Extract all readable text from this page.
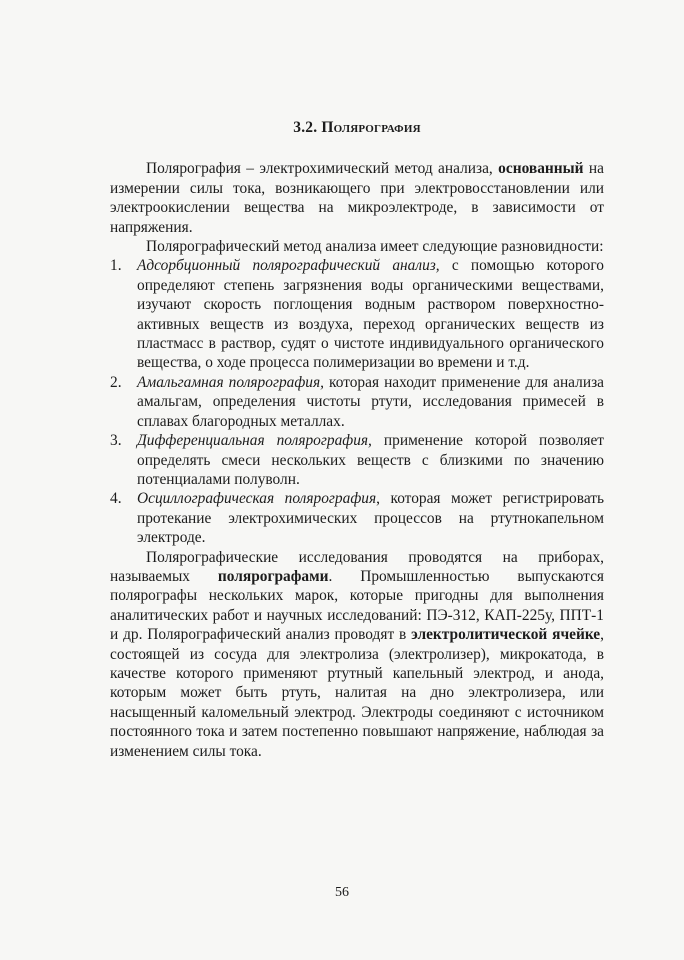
3.2. Полярография

Полярография – электрохимический метод анализа, основанный на измерении силы тока, возникающего при электровосстановлении или электроокислении вещества на микроэлектроде, в зависимости от напряжения.

Полярографический метод анализа имеет следующие разновидности:

1.	Адсорбционный полярографический анализ, с помощью которого определяют степень загрязнения воды органическими веществами, изучают скорость поглощения водным раствором поверхностно-активных веществ из воздуха, переход органических веществ из пластмасс в раствор, судят о чистоте индивидуального органического вещества, о ходе процесса полимеризации во времени и т.д.
2.	Амальгамная полярография, которая находит применение для анализа амальгам, определения чистоты ртути, исследования примесей в сплавах благородных металлах.
3.	Дифференциальная полярография, применение которой позволяет определять смеси нескольких веществ с близкими по значению потенциалами полуволн.
4.	Осциллографическая полярография, которая может регистрировать протекание электрохимических процессов на ртутнокапельном электроде.

Полярографические исследования проводятся на приборах, называемых полярографами. Промышленностью выпускаются полярографы нескольких марок, которые пригодны для выполнения аналитических работ и научных исследований: ПЭ-312, КАП-225у, ППТ-1 и др. Полярографический анализ проводят в электролитической ячейке, состоящей из сосуда для электролиза (электролизер), микрокатода, в качестве которого применяют ртутный капельный электрод, и анода, которым может быть ртуть, налитая на дно электролизера, или насыщенный каломельный электрод. Электроды соединяют с источником постоянного тока и затем постепенно повышают напряжение, наблюдая за изменением силы тока.

56
